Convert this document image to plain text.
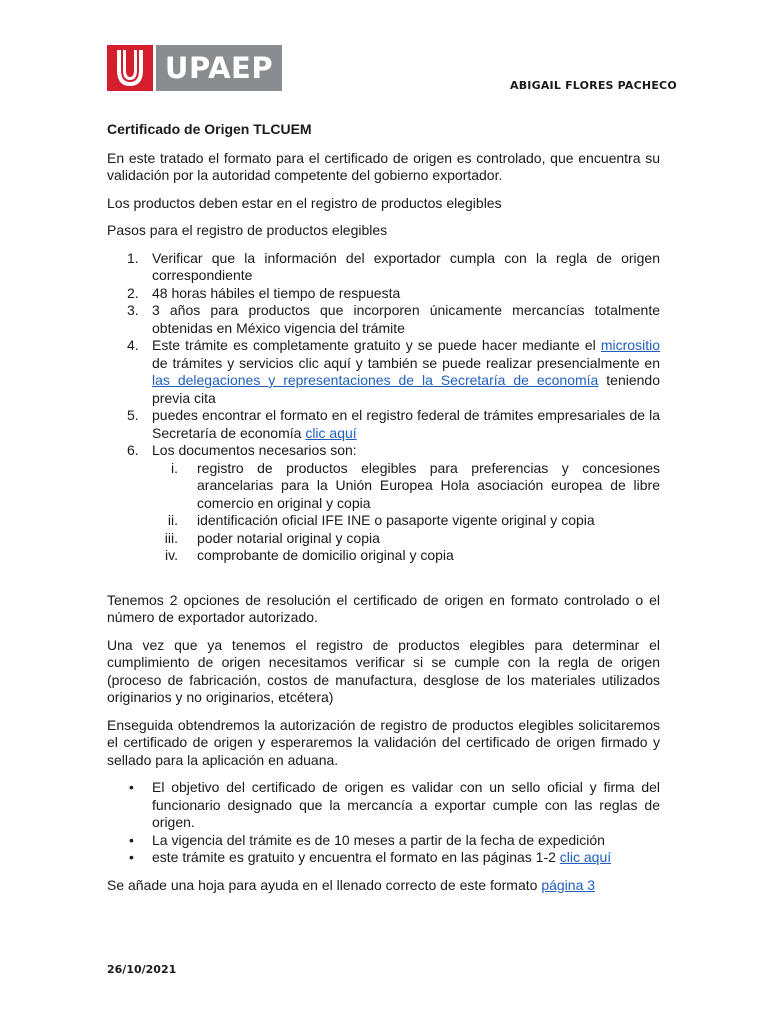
UPAEP
ABIGAIL FLORES PACHECO

Certificado de Origen TLCUEM

En este tratado el formato para el certificado de origen es controlado, que encuentra su validación por la autoridad competente del gobierno exportador.

Los productos deben estar en el registro de productos elegibles

Pasos para el registro de productos elegibles

1. Verificar que la información del exportador cumpla con la regla de origen correspondiente
2. 48 horas hábiles el tiempo de respuesta
3. 3 años para productos que incorporen únicamente mercancías totalmente obtenidas en México vigencia del trámite
4. Este trámite es completamente gratuito y se puede hacer mediante el micrositio de trámites y servicios clic aquí y también se puede realizar presencialmente en las delegaciones y representaciones de la Secretaría de economía teniendo previa cita
5. puedes encontrar el formato en el registro federal de trámites empresariales de la Secretaría de economía clic aquí
6. Los documentos necesarios son:
i. registro de productos elegibles para preferencias y concesiones arancelarias para la Unión Europea Hola asociación europea de libre comercio en original y copia
ii. identificación oficial IFE INE o pasaporte vigente original y copia
iii. poder notarial original y copia
iv. comprobante de domicilio original y copia

Tenemos 2 opciones de resolución el certificado de origen en formato controlado o el número de exportador autorizado.

Una vez que ya tenemos el registro de productos elegibles para determinar el cumplimiento de origen necesitamos verificar si se cumple con la regla de origen (proceso de fabricación, costos de manufactura, desglose de los materiales utilizados originarios y no originarios, etcétera)

Enseguida obtendremos la autorización de registro de productos elegibles solicitaremos el certificado de origen y esperaremos la validación del certificado de origen firmado y sellado para la aplicación en aduana.

• El objetivo del certificado de origen es validar con un sello oficial y firma del funcionario designado que la mercancía a exportar cumple con las reglas de origen.
• La vigencia del trámite es de 10 meses a partir de la fecha de expedición
• este trámite es gratuito y encuentra el formato en las páginas 1-2 clic aquí

Se añade una hoja para ayuda en el llenado correcto de este formato página 3

26/10/2021
